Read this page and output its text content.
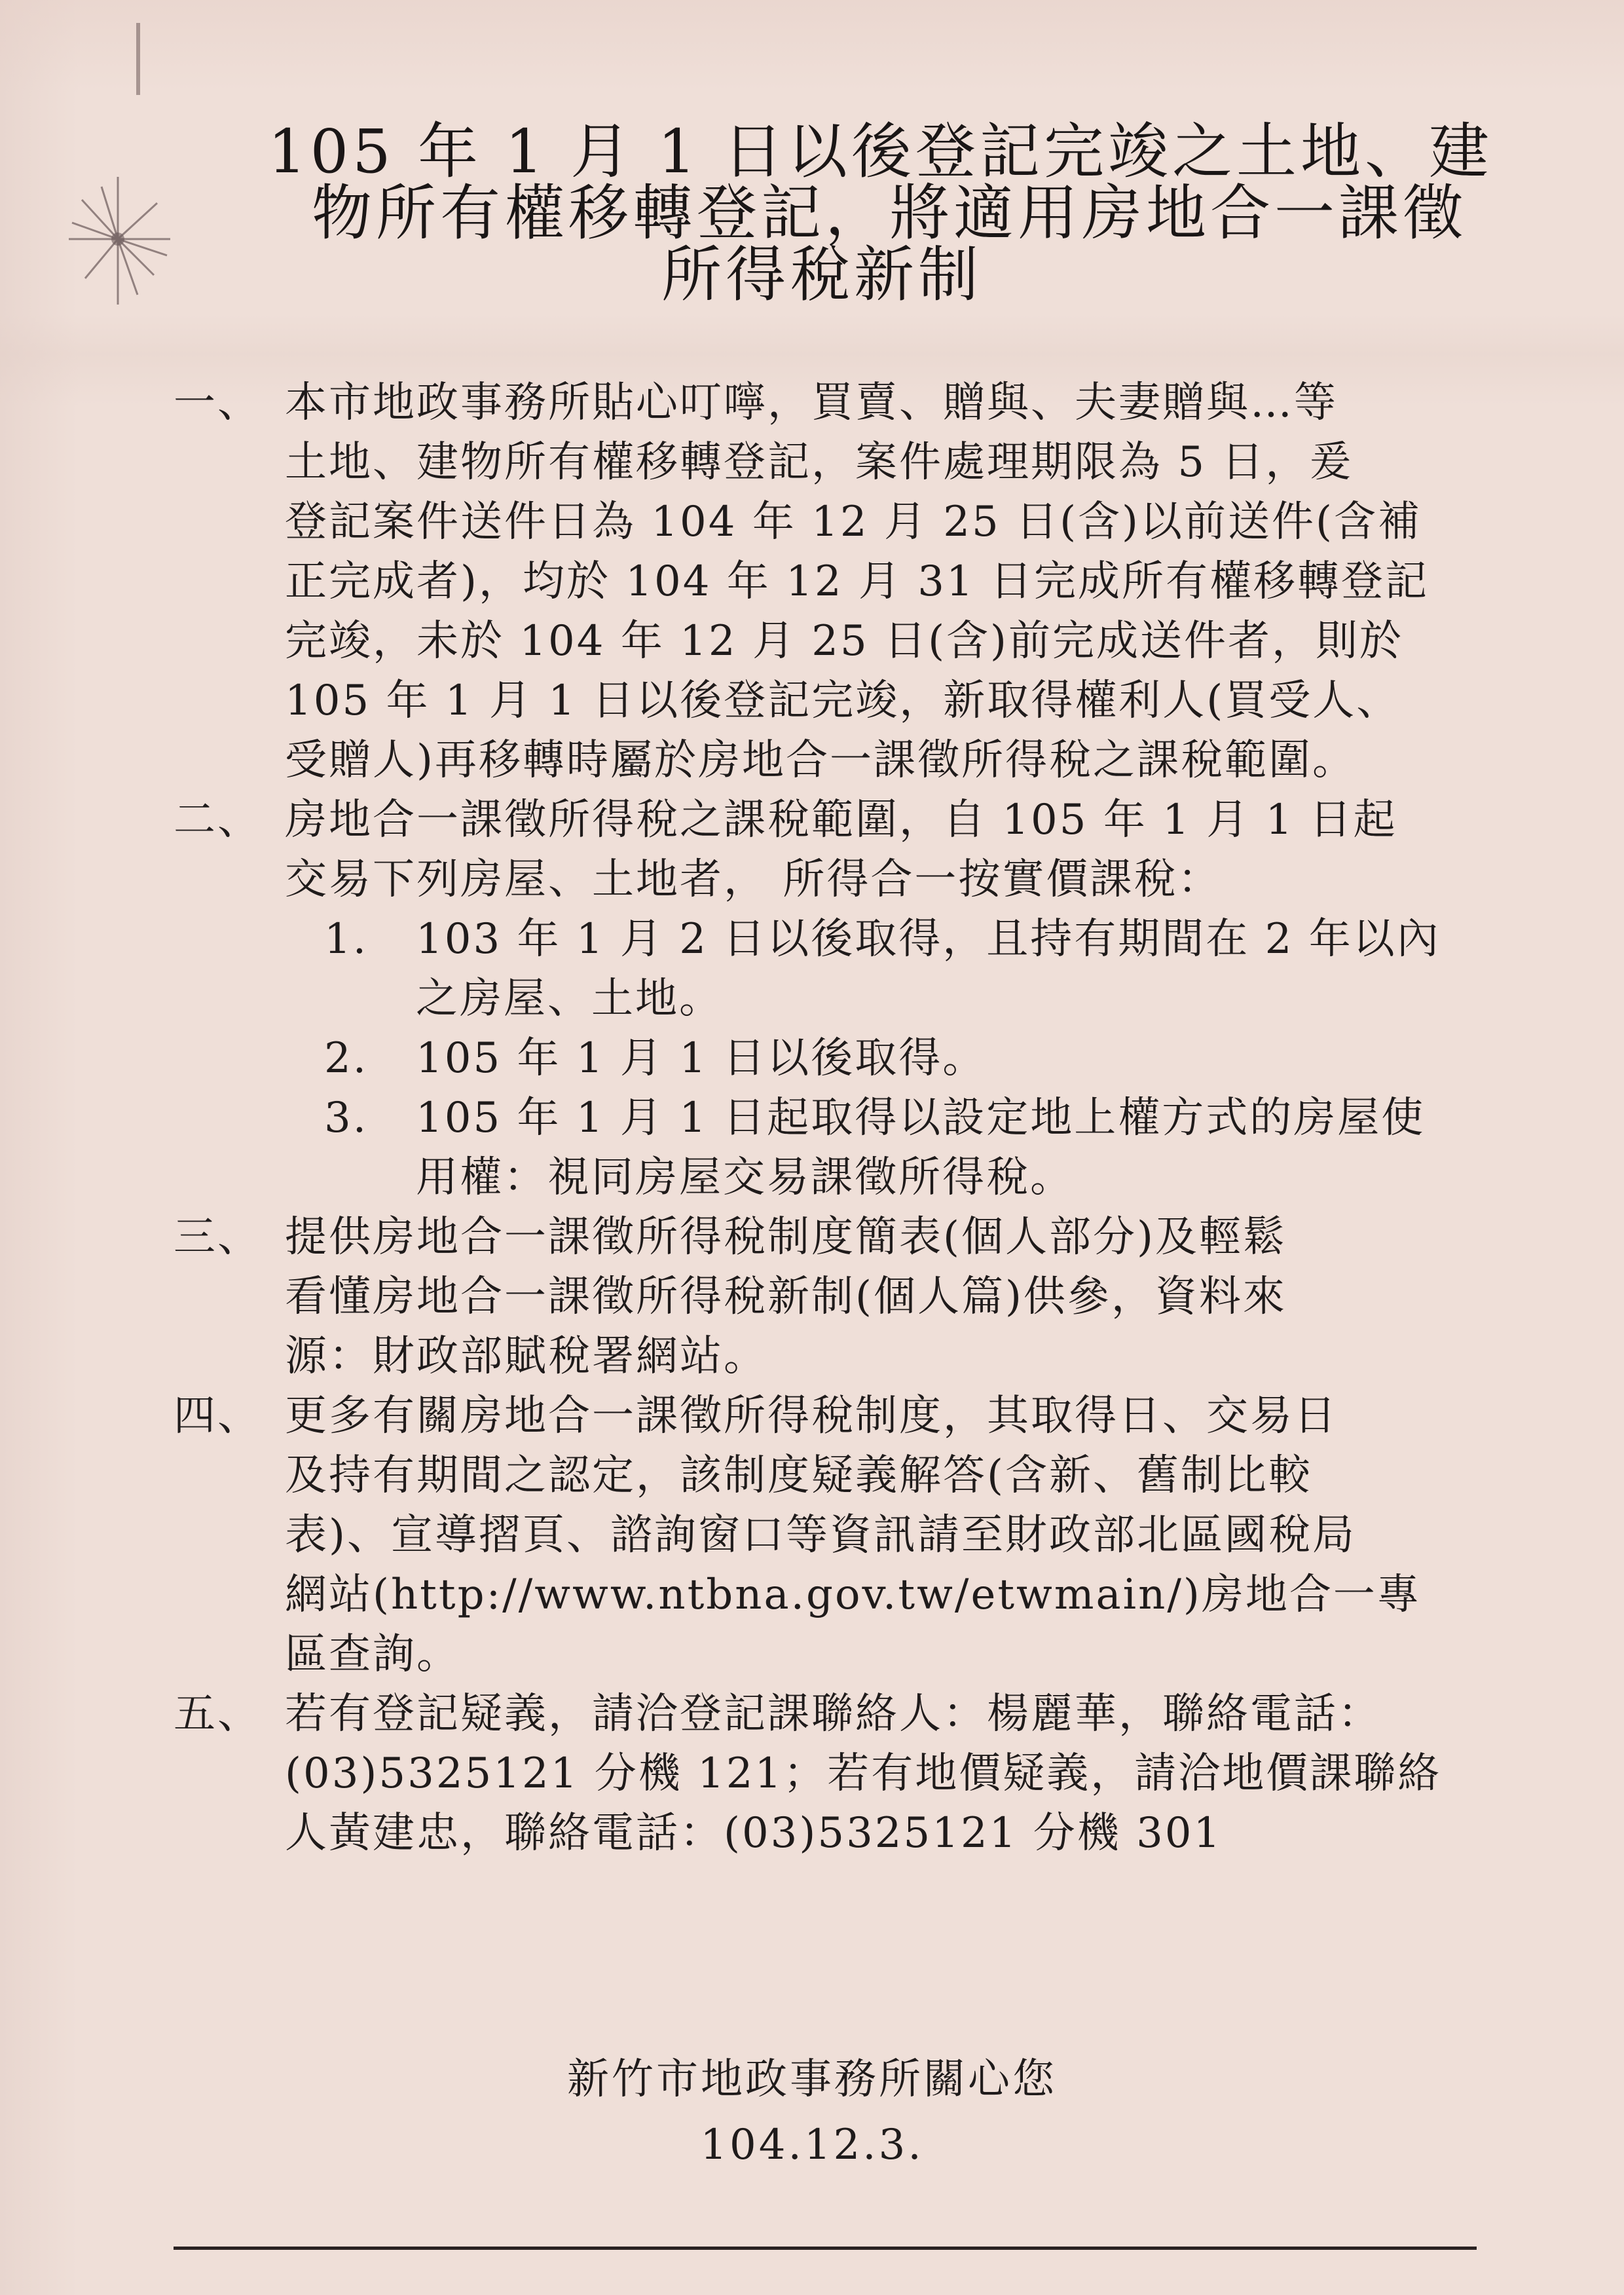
105 年 1 月 1 日以後登記完竣之土地、建
物所有權移轉登記，將適用房地合一課徵
所得稅新制
一、 本市地政事務所貼心叮嚀，買賣、贈與、夫妻贈與…等
土地、建物所有權移轉登記，案件處理期限為 5 日，爰
登記案件送件日為 104 年 12 月 25 日(含)以前送件(含補
正完成者)，均於 104 年 12 月 31 日完成所有權移轉登記
完竣，未於 104 年 12 月 25 日(含)前完成送件者，則於
105 年 1 月 1 日以後登記完竣，新取得權利人(買受人、
受贈人)再移轉時屬於房地合一課徵所得稅之課稅範圍。
二、 房地合一課徵所得稅之課稅範圍，自 105 年 1 月 1 日起
交易下列房屋、土地者， 所得合一按實價課稅：
1. 103 年 1 月 2 日以後取得，且持有期間在 2 年以內
之房屋、土地。
2. 105 年 1 月 1 日以後取得。
3. 105 年 1 月 1 日起取得以設定地上權方式的房屋使
用權：視同房屋交易課徵所得稅。
三、 提供房地合一課徵所得稅制度簡表(個人部分)及輕鬆
看懂房地合一課徵所得稅新制(個人篇)供參，資料來
源：財政部賦稅署網站。
四、 更多有關房地合一課徵所得稅制度，其取得日、交易日
及持有期間之認定，該制度疑義解答(含新、舊制比較
表)、宣導摺頁、諮詢窗口等資訊請至財政部北區國稅局
網站(http://www.ntbna.gov.tw/etwmain/)房地合一專
區查詢。
五、 若有登記疑義，請洽登記課聯絡人：楊麗華，聯絡電話：
(03)5325121 分機 121；若有地價疑義，請洽地價課聯絡
人黃建忠，聯絡電話：(03)5325121 分機 301
新竹市地政事務所關心您
104.12.3.
